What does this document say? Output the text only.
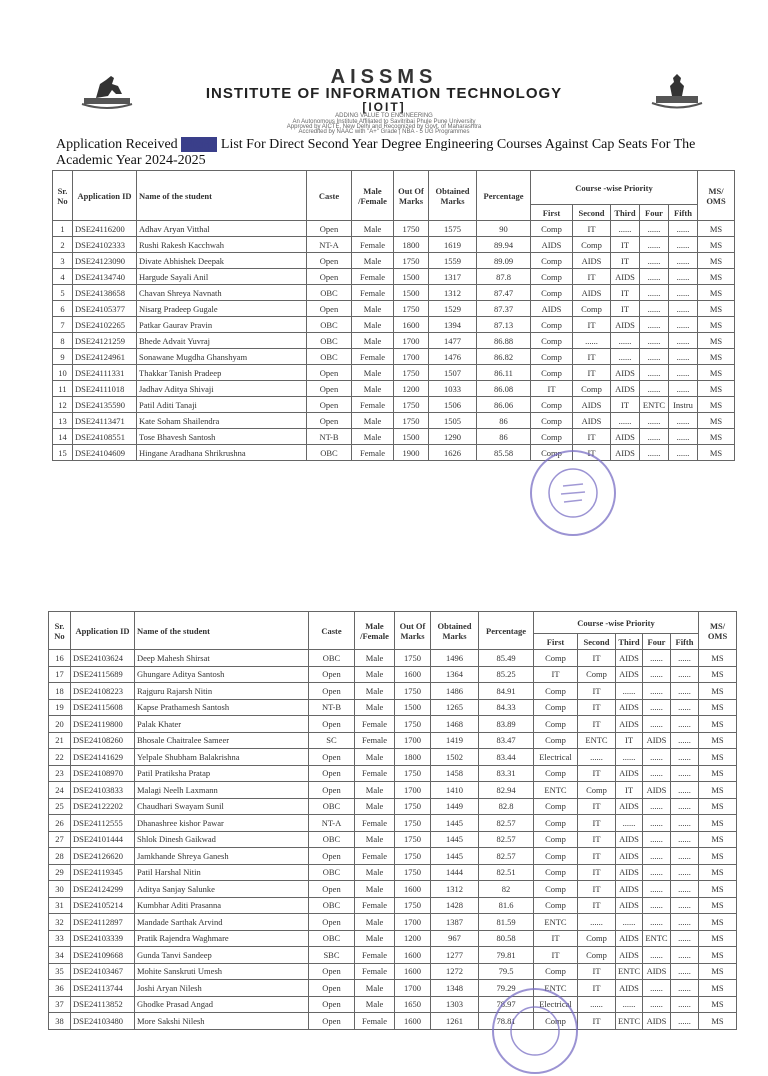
AISSMS
INSTITUTE OF INFORMATION TECHNOLOGY
[IOIT]
ADDING VALUE TO ENGINEERING
An Autonomous Institute Affiliated to Savitribai Phule Pune University
Approved by AICTE, New Delhi and Recognized by Govt. of Maharashtra
Accredited by NAAC with "A+" Grade | NBA - 5 UG Programmes
Application Received Merit List For Direct Second Year Degree Engineering Courses Against Cap Seats For The Academic Year 2024-2025
Sr. No	Application ID	Name of the student	Caste	Male /Female	Out Of Marks	Obtained Marks	Percentage	Course -wise Priority					MS/ OMS
								First	Second	Third	Four	Fifth	
1	DSE24116200	Adhav Aryan Vitthal	Open	Male	1750	1575	90	Comp	IT	......	......	......	MS
2	DSE24102333	Rushi Rakesh Kacchwah	NT-A	Female	1800	1619	89.94	AIDS	Comp	IT	......	......	MS
3	DSE24123090	Divate Abhishek Deepak	Open	Male	1750	1559	89.09	Comp	AIDS	IT	......	......	MS
4	DSE24134740	Hargude Sayali Anil	Open	Female	1500	1317	87.8	Comp	IT	AIDS	......	......	MS
5	DSE24138658	Chavan Shreya Navnath	OBC	Female	1500	1312	87.47	Comp	AIDS	IT	......	......	MS
6	DSE24105377	Nisarg Pradeep Gugale	Open	Male	1750	1529	87.37	AIDS	Comp	IT	......	......	MS
7	DSE24102265	Patkar Gaurav Pravin	OBC	Male	1600	1394	87.13	Comp	IT	AIDS	......	......	MS
8	DSE24121259	Bhede Advait Yuvraj	OBC	Male	1700	1477	86.88	Comp	......	......	......	......	MS
9	DSE24124961	Sonawane Mugdha Ghanshyam	OBC	Female	1700	1476	86.82	Comp	IT	......	......	......	MS
10	DSE24111331	Thakkar Tanish Pradeep	Open	Male	1750	1507	86.11	Comp	IT	AIDS	......	......	MS
11	DSE24111018	Jadhav Aditya Shivaji	Open	Male	1200	1033	86.08	IT	Comp	AIDS	......	......	MS
12	DSE24135590	Patil Aditi Tanaji	Open	Female	1750	1506	86.06	Comp	AIDS	IT	ENTC	Instru	MS
13	DSE24113471	Kate Soham Shailendra	Open	Male	1750	1505	86	Comp	AIDS	......	......	......	MS
14	DSE24108551	Tose Bhavesh Santosh	NT-B	Male	1500	1290	86	Comp	IT	AIDS	......	......	MS
15	DSE24104609	Hingane Aradhana Shrikrushna	OBC	Female	1900	1626	85.58	Comp	IT	AIDS	......	......	MS
Sr. No	Application ID	Name of the student	Caste	Male /Female	Out Of Marks	Obtained Marks	Percentage	Course -wise Priority					MS/ OMS
								First	Second	Third	Four	Fifth	
16	DSE24103624	Deep Mahesh Shirsat	OBC	Male	1750	1496	85.49	Comp	IT	AIDS	......	......	MS
17	DSE24115689	Ghungare Aditya Santosh	Open	Male	1600	1364	85.25	IT	Comp	AIDS	......	......	MS
18	DSE24108223	Rajguru Rajarsh Nitin	Open	Male	1750	1486	84.91	Comp	IT	......	......	......	MS
19	DSE24115608	Kapse Prathamesh Santosh	NT-B	Male	1500	1265	84.33	Comp	IT	AIDS	......	......	MS
20	DSE24119800	Palak Khater	Open	Female	1750	1468	83.89	Comp	IT	AIDS	......	......	MS
21	DSE24108260	Bhosale Chaitralee Sameer	SC	Female	1700	1419	83.47	Comp	ENTC	IT	AIDS	......	MS
22	DSE24141629	Yelpale Shubham Balakrishna	Open	Male	1800	1502	83.44	Electrical	......	......	......	......	MS
23	DSE24108970	Patil Pratiksha Pratap	Open	Female	1750	1458	83.31	Comp	IT	AIDS	......	......	MS
24	DSE24103833	Malagi Neelh Laxmann	Open	Male	1700	1410	82.94	ENTC	Comp	IT	AIDS	......	MS
25	DSE24122202	Chaudhari Swayam Sunil	OBC	Male	1750	1449	82.8	Comp	IT	AIDS	......	......	MS
26	DSE24112555	Dhanashree kishor Pawar	NT-A	Female	1750	1445	82.57	Comp	IT	......	......	......	MS
27	DSE24101444	Shlok Dinesh Gaikwad	OBC	Male	1750	1445	82.57	Comp	IT	AIDS	......	......	MS
28	DSE24126620	Jamkhande Shreya Ganesh	Open	Female	1750	1445	82.57	Comp	IT	AIDS	......	......	MS
29	DSE24119345	Patil Harshal Nitin	OBC	Male	1750	1444	82.51	Comp	IT	AIDS	......	......	MS
30	DSE24124299	Aditya Sanjay Salunke	Open	Male	1600	1312	82	Comp	IT	AIDS	......	......	MS
31	DSE24105214	Kumbhar Aditi Prasanna	OBC	Female	1750	1428	81.6	Comp	IT	AIDS	......	......	MS
32	DSE24112897	Mandade Sarthak Arvind	Open	Male	1700	1387	81.59	ENTC	......	......	......	......	MS
33	DSE24103339	Pratik Rajendra Waghmare	OBC	Male	1200	967	80.58	IT	Comp	AIDS	ENTC	......	MS
34	DSE24109668	Gunda Tanvi Sandeep	SBC	Female	1600	1277	79.81	IT	Comp	AIDS	......	......	MS
35	DSE24103467	Mohite Sanskruti Umesh	Open	Female	1600	1272	79.5	Comp	IT	ENTC	AIDS	......	MS
36	DSE24113744	Joshi Aryan Nilesh	Open	Male	1700	1348	79.29	ENTC	IT	AIDS	......	......	MS
37	DSE24113852	Ghodke Prasad Angad	Open	Male	1650	1303	78.97	Electrical	......	......	......	......	MS
38	DSE24103480	More Sakshi Nilesh	Open	Female	1600	1261	78.81	Comp	IT	ENTC	AIDS	......	MS
